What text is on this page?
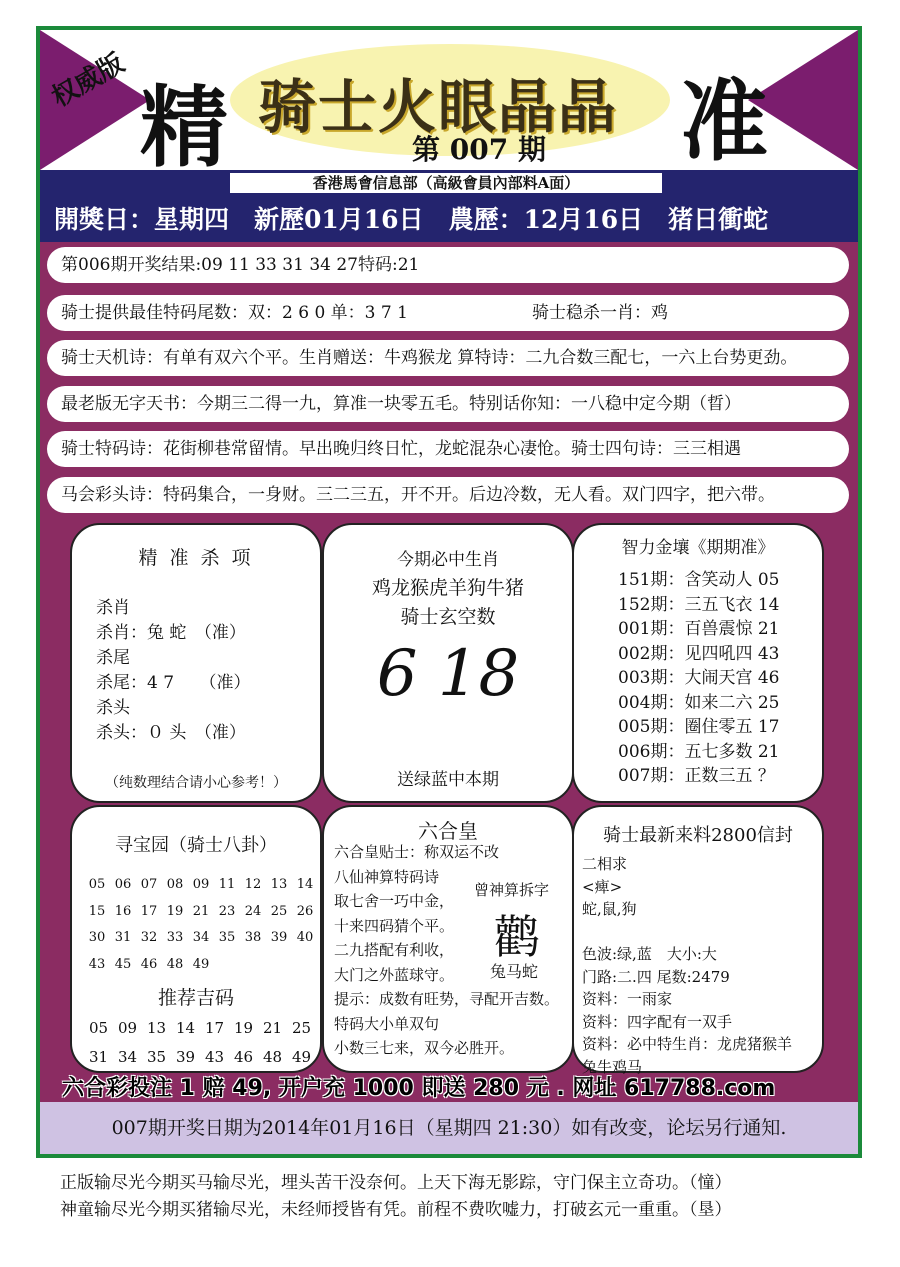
权威版 精	准
骑士火眼晶晶
第 007 期
香港馬會信息部（高級會員內部料A面）
開獎日：星期四　新歷01月16日　農歷：12月16日　猪日衝蛇
第006期开奖结果:09 11 33 31 34 27特码:21
骑士提供最佳特码尾数：双：2 6 0 单：3 7 1	骑士稳杀一肖：鸡
骑士天机诗：有单有双六个平。生肖赠送：牛鸡猴龙 算特诗：二九合数三配七，一六上台势更劲。
最老版无字天书：今期三二得一九，算准一块零五毛。特别话你知：一八稳中定今期（晢）
骑士特码诗：花街柳巷常留情。早出晚归终日忙，龙蛇混杂心凄怆。骑士四句诗：三三相遇
马会彩头诗：特码集合，一身财。三二三五，开不开。后边冷数，无人看。双门四字，把六带。
精 准 杀 项
杀肖
杀肖：兔 蛇　（准）
杀尾
杀尾：4 7　　（准）
杀头
杀头：０ 头　（准）
（纯数理结合请小心参考！）
今期必中生肖
鸡龙猴虎羊狗牛猪
骑士玄空数
6 18
送绿蓝中本期
智力金壤《期期准》
151期：含笑动人 05
152期：三五飞衣 14
001期：百兽震惊 21
002期：见四吼四 43
003期：大闹天宫 46
004期：如来二六 25
005期：圈住零五 17
006期：五七多数 21
007期：正数三五 ？
寻宝园（骑士八卦）
05 06 07 08 09 11 12 13 14
15 16 17 19 21 23 24 25 26
30 31 32 33 34 35 38 39 40
43 45 46 48 49
推荐吉码
05 09 13 14 17 19 21 25
31 34 35 39 43 46 48 49
六合皇
六合皇贴士：称双运不改
八仙神算特码诗
取七舍一巧中金，
十来四码猜个平。
二九搭配有利收，
大门之外蓝球守。
提示：成数有旺势，寻配开吉数。
特码大小单双句
小数三七来，双今必胜开。
曾神算拆字
鹳
兔马蛇
骑士最新来料2800信封
二相求
<痺>
蛇,鼠,狗
色波:绿,蓝　大小:大
门路:二.四 尾数:2479
资料：一雨家
资料：四字配有一双手
资料：必中特生肖：龙虎猪猴羊
兔牛鸡马
六合彩投注 1 赔 49, 开户充 1000 即送 280 元 . 网址 617788.com
007期开奖日期为2014年01月16日（星期四 21:30）如有改变，论坛另行通知.
正版输尽光今期买马输尽光，埋头苦干没奈何。上天下海无影踪，守门保主立奇功。（憧）
神童输尽光今期买猪输尽光，未经师授皆有凭。前程不费吹嘘力，打破玄元一重重。（垦）
